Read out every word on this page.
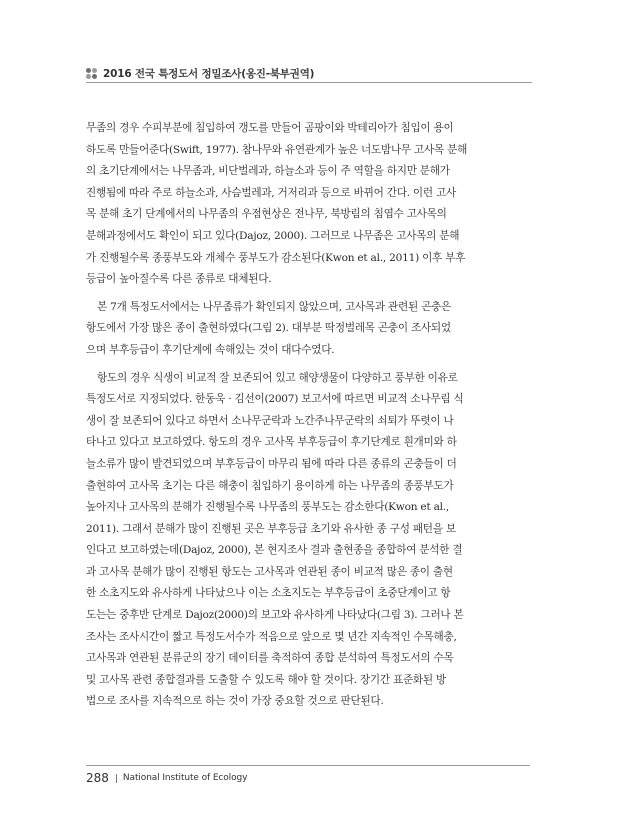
2016 전국 특정도서 정밀조사(옹진-북부권역)

무좀의 경우 수피부분에 침입하여 갱도를 만들어 곰팡이와 박테리아가 침입이 용이
하도록 만들어준다(Swift, 1977). 참나무와 유연관계가 높은 너도밤나무 고사목 분해
의 초기단계에서는 나무좀과, 비단벌레과, 하늘소과 등이 주 역할을 하지만 분해가
진행됨에 따라 주로 하늘소과, 사슴벌레과, 거저리과 등으로 바뀌어 간다. 이런 고사
목 분해 초기 단계에서의 나무좀의 우점현상은 전나무, 북방림의 침엽수 고사목의
분해과정에서도 확인이 되고 있다(Dajoz, 2000). 그러므로 나무좀은 고사목의 분해
가 진행될수록 종풍부도와 개체수 풍부도가 감소된다(Kwon et al., 2011) 이후 부후
등급이 높아질수록 다른 종류로 대체된다.

본 7개 특정도서에서는 나무좀류가 확인되지 않았으며, 고사목과 관련된 곤충은
항도에서 가장 많은 종이 출현하였다(그림 2). 대부분 딱정벌레목 곤충이 조사되었
으며 부후등급이 후기단계에 속해있는 것이 대다수였다.

항도의 경우 식생이 비교적 잘 보존되어 있고 해양생물이 다양하고 풍부한 이유로
특정도서로 지정되었다. 한동욱 · 김선이(2007) 보고서에 따르면 비교적 소나무림 식
생이 잘 보존되어 있다고 하면서 소나무군락과 노간주나무군락의 쇠퇴가 뚜렷이 나
타나고 있다고 보고하였다. 항도의 경우 고사목 부후등급이 후기단계로 흰개미와 하
늘소류가 많이 발견되었으며 부후등급이 마무리 됨에 따라 다른 종류의 곤충들이 더
출현하여 고사목 초기는 다른 해충이 침입하기 용이하게 하는 나무좀의 종풍부도가
높아지나 고사목의 분해가 진행될수록 나무좀의 풍부도는 감소한다(Kwon et al.,
2011). 그래서 분해가 많이 진행된 곳은 부후등급 초기와 유사한 종 구성 패턴을 보
인다고 보고하였는데(Dajoz, 2000), 본 현지조사 결과 출현종을 종합하여 분석한 결
과 고사목 분해가 많이 진행된 항도는 고사목과 연관된 종이 비교적 많은 종이 출현
한 소초지도와 유사하게 나타났으나 이는 소초지도는 부후등급이 초중단계이고 항
도는는 중후반 단계로 Dajoz(2000)의 보고와 유사하게 나타났다(그림 3). 그러나 본
조사는 조사시간이 짧고 특정도서수가 적음으로 앞으로 몇 년간 지속적인 수목해충,
고사목과 연관된 분류군의 장기 데이터를 축적하여 종합 분석하여 특정도서의 수목
및 고사목 관련 종합결과를 도출할 수 있도록 해야 할 것이다. 장기간 표준화된 방
법으로 조사를 지속적으로 하는 것이 가장 중요할 것으로 판단된다.

288 National Institute of Ecology
